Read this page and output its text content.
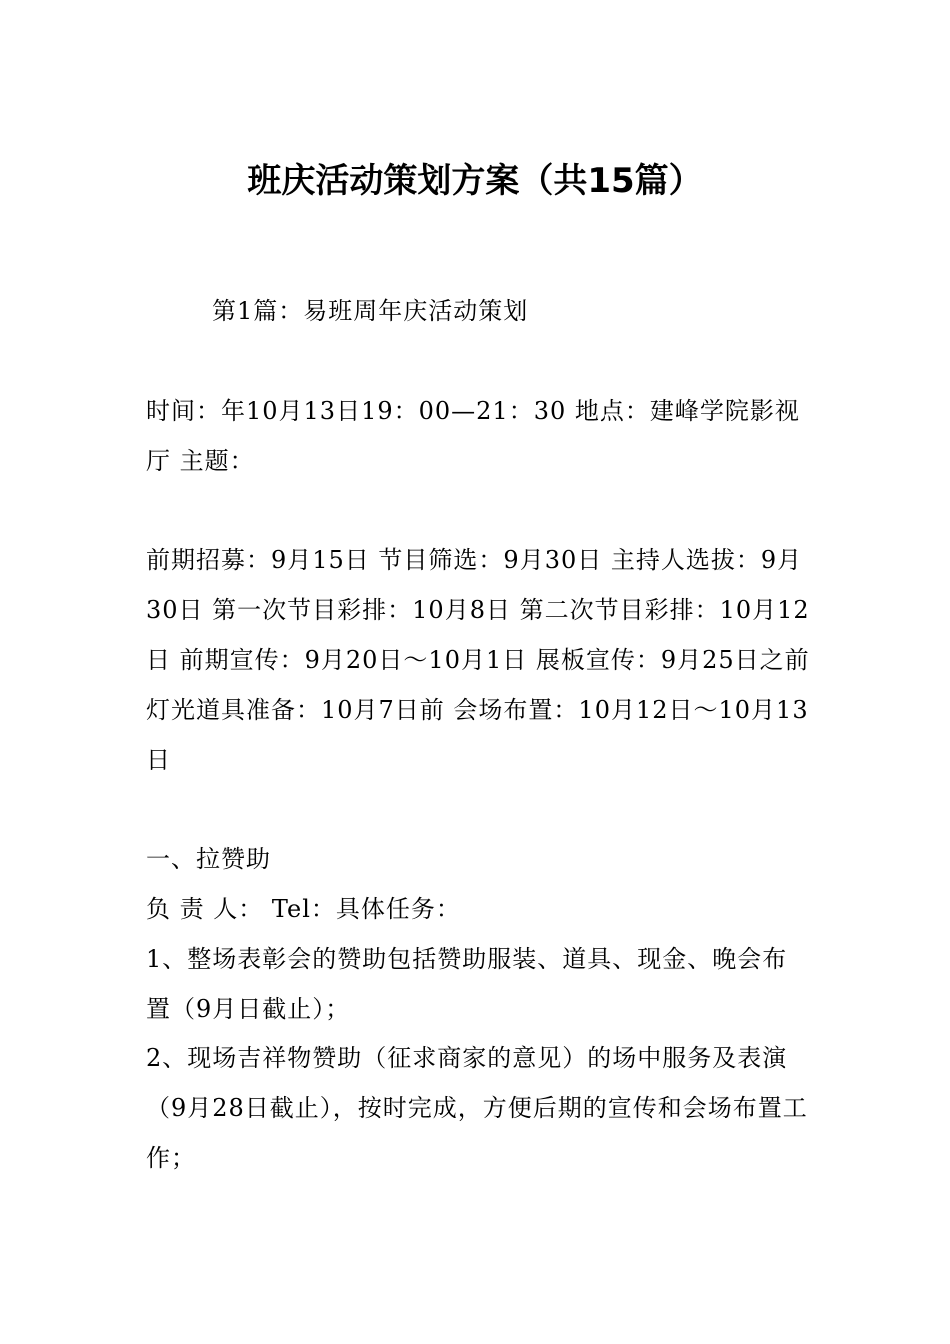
班庆活动策划方案（共15篇）

第1篇：易班周年庆活动策划

时间：年10月13日19：00—21：30 地点：建峰学院影视厅 主题：

前期招募：9月15日 节目筛选：9月30日 主持人选拔：9月30日 第一次节目彩排：10月8日 第二次节目彩排：10月12日 前期宣传：9月20日～10月1日 展板宣传：9月25日之前 灯光道具准备：10月7日前 会场布置：10月12日～10月13日

一、拉赞助

负 责 人： Tel：具体任务：

1、整场表彰会的赞助包括赞助服装、道具、现金、晚会布置（9月日截止）；

2、现场吉祥物赞助（征求商家的意见）的场中服务及表演（9月28日截止），按时完成，方便后期的宣传和会场布置工作；
